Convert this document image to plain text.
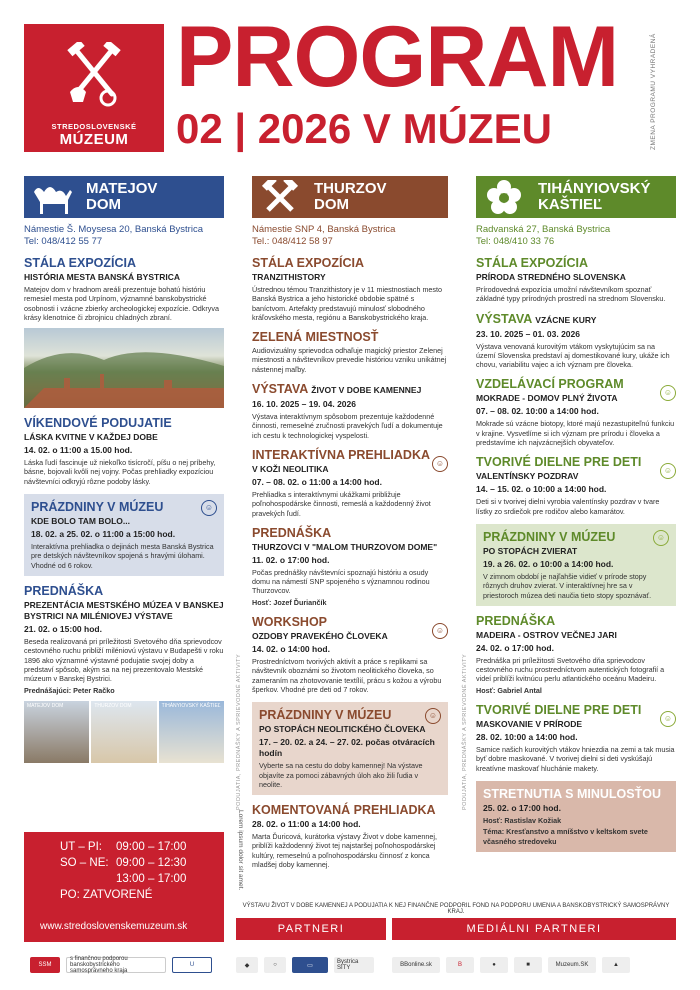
STREDOSLOVENSKÉ
MÚZEUM
PROGRAM
02 | 2026 V MÚZEU	ZMENA PROGRAMU VYHRADENÁ
MATEJOV
DOM
Námestie Š. Moysesa 20, Banská Bystrica
Tel: 048/412 55 77
STÁLA EXPOZÍCIA
HISTÓRIA MESTA BANSKÁ BYSTRICA
Matejov dom v hradnom areáli prezentuje bohatú históriu remesiel mesta pod Urpínom, významné banskobystrické osobnosti i vzácne zbierky archeologickej expozície. Odkryva krásy klenotnice či zbrojnicu chladných zbraní.
VÍKENDOVÉ PODUJATIE
LÁSKA KVITNE V KAŽDEJ DOBE
14. 02. o 11:00 a 15.00 hod.
Láska ľudí fascinuje už niekoľko tisícročí, píšu o nej príbehy, básne, bojovali kvôli nej vojny. Počas prehliadky expozíciou návštevníci odkryjú rôzne podoby lásky.
☺
PRÁZDNINY V MÚZEU
KDE BOLO TAM BOLO...
18. 02. a 25. 02. o 11:00 a 15:00 hod.
Interaktívna prehliadka o dejinách mesta Banská Bystrica pre detských návštevníkov spojená s hravými úlohami. Vhodné od 6 rokov.
PREDNÁŠKA
PREZENTÁCIA MESTSKÉHO MÚZEA V BANSKEJ BYSTRICI NA MILÉNIOVEJ VÝSTAVE
21. 02. o 15:00 hod.
Beseda realizovaná pri príležitosti Svetového dňa sprievodcov cestovného ruchu približí miléniovú výstavu v Budapešti v roku 1896 ako významné výstavné podujatie svojej doby a predstaví spôsob, akým sa na nej prezentovalo Mestské múzeum v Banskej Bystrici.
Prednášajúci: Peter Račko
MATEJOV DOM	THURZOV DOM	TIHÁNYIOVSKÝ KAŠTIEĽ
UT – PI: 09:00 – 17:00
SO – NE: 09:00 – 12:30
13:00 – 17:00
PO: ZATVORENÉ
www.stredoslovenskemuzeum.sk
PODUJATIA, PREDNÁŠKY A SPRIEVODNÉ AKTIVITY	PODUJATIA, PREDNÁŠKY A SPRIEVODNÉ AKTIVITY
Lorem ipsum dolor sit amet.
THURZOV
DOM
Námestie SNP 4, Banská Bystrica
Tel.: 048/412 58 97
STÁLA EXPOZÍCIA
TRANZITHISTORY
Ústrednou témou Tranzithistory je v 11 miestnostiach mesto Banská Bystrica a jeho historické obdobie spätné s baníctvom. Artefakty predstavujú minulosť slobodného kráľovského mesta, regiónu a Banskobystrického kraja.
ZELENÁ MIESTNOSŤ
Audiovizuálny sprievodca odhaľuje magický priestor Zelenej miestnosti a návštevníkov prevedie históriou vzniku unikátnej nástennej maľby.
VÝSTAVA ŽIVOT V DOBE KAMENNEJ
16. 10. 2025 – 19. 04. 2026
Výstava interaktívnym spôsobom prezentuje každodenné činnosti, remeselné zručnosti pravekých ľudí a dokumentuje ich cestu k technologickej vyspelosti.
☺
INTERAKTÍVNA PREHLIADKA
V KOŽI NEOLITIKA
07. – 08. 02. o 11:00 a 14:00 hod.
Prehliadka s interaktívnymi ukážkami približuje poľnohospodárske činnosti, remeslá a každodenný život pravekých ľudí.
PREDNÁŠKA
THURZOVCI V "MALOM THURZOVOM DOME"
11. 02. o 17:00 hod.
Počas prednášky návštevníci spoznajú históriu a osudy domu na námestí SNP spojeného s významnou rodinou Thurzovcov.
Hosť: Jozef Ďuriančík
☺
WORKSHOP
OZDOBY PRAVEKÉHO ČLOVEKA
14. 02. o 14:00 hod.
Prostredníctvom tvorivých aktivít a práce s replikami sa návštevník oboznámi so životom neolitického človeka, so zameraním na zhotovovanie textílií, prácu s kožou a výrobu šperkov. Vhodné pre deti od 7 rokov.
☺
PRÁZDNINY V MÚZEU
PO STOPÁCH NEOLITICKÉHO ČLOVEKA
17. – 20. 02. a 24. – 27. 02. počas otváracích hodín
Vyberte sa na cestu do doby kamennej! Na výstave objavíte za pomoci zábavných úloh ako žili ľudia v neolite.
KOMENTOVANÁ PREHLIADKA
28. 02. o 11:00 a 14:00 hod.
Marta Ďuricová, kurátorka výstavy Život v dobe kamennej, priblíži každodenný život tej najstaršej poľnohospodárskej kultúry, remeselnú a poľnohospodársku činnosť z konca mladšej doby kamennej.
TIHÁNYIOVSKÝ
KAŠTIEĽ
Radvanská 27, Banská Bystrica
Tel: 048/410 33 76
STÁLA EXPOZÍCIA
PRÍRODA STREDNÉHO SLOVENSKA
Prírodovedná expozícia umožní návštevníkom spoznať základné typy prírodných prostredí na strednom Slovensku.
VÝSTAVA VZÁCNE KURY
23. 10. 2025 – 01. 03. 2026
Výstava venovaná kurovitým vtákom vyskytujúcim sa na území Slovenska predstaví aj domestikované kury, ukáže ich chovu, variabilitu vajec a ich význam pre človeka.
☺
VZDELÁVACÍ PROGRAM
MOKRADE - DOMOV PLNÝ ŽIVOTA
07. – 08. 02. 10:00 a 14:00 hod.
Mokrade sú vzácne biotopy, ktoré majú nezastupiteľnú funkciu v krajine. Vysvetlíme si ich význam pre prírodu i človeka a predstavíme ich najvzácnejších obyvateľov.
☺
TVORIVÉ DIELNE PRE DETI
VALENTÍNSKY POZDRAV
14. – 15. 02. o 10:00 a 14:00 hod.
Deti si v tvorivej dielni vyrobia valentínsky pozdrav v tvare lístky zo srdiečok pre rodičov alebo kamarátov.
☺
PRÁZDNINY V MÚZEU
PO STOPÁCH ZVIERAT
19. a 26. 02. o 10:00 a 14:00 hod.
V zimnom období je najľahšie vidieť v prírode stopy rôznych druhov zvierat. V interaktívnej hre sa v priestoroch múzea deti naučia tieto stopy spoznávať.
PREDNÁŠKA
MADEIRA - OSTROV VEČNEJ JARI
24. 02. o 17:00 hod.
Prednáška pri príležitosti Svetového dňa sprievodcov cestovného ruchu prostredníctvom autentických fotografií a videí priblíži kvitnúcu perlu atlantického oceánu Madeiru.
Hosť: Gabriel Antal
☺
TVORIVÉ DIELNE PRE DETI
MASKOVANIE V PRÍRODE
28. 02. 10:00 a 14:00 hod.
Samice našich kurovitých vtákov hniezdia na zemi a tak musia byť dobre maskované. V tvorivej dielni si deti vyskúšajú kreatívne maskovať hluchánie makety.
STRETNUTIA S MINULOSŤOU
25. 02. o 17:00 hod.
Hosť: Rastislav Kožiak
Téma: Kresťanstvo a mníšstvo v keltskom svete včasného stredoveku
VÝSTAVU ŽIVOT V DOBE KAMENNEJ A PODUJATIA K NEJ FINANČNE PODPORIL FOND NA PODPORU UMENIA A BANSKOBYSTRICKÝ SAMOSPRÁVNY KRAJ.
PARTNERI	MEDIÁLNI PARTNERI
SSM
s finančnou podporou banskobystrického samosprávneho kraja
U	◆	○	▭
Bystrica SITY	BBonline.sk	B	●	■	Muzeum.SK	▲
